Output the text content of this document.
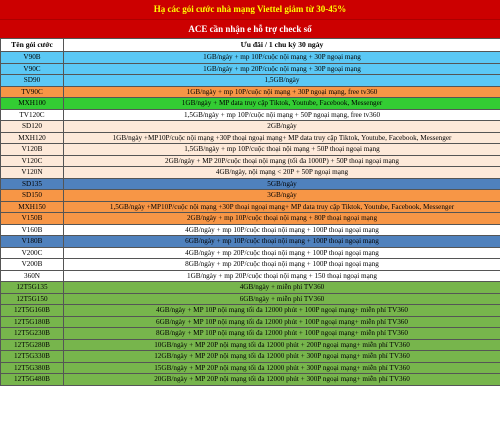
Hạ các gói cước nhà mạng Viettel giảm từ 30-45%
ACE cần nhận e hỗ trợ check số
Tên gói cước	Ưu đãi / 1 chu kỳ 30 ngày
V90B	1GB/ngày + mp 10P/cuộc nội mạng + 30P ngoại mạng
V90C	1GB/ngày + mp 20P/cuộc nội mạng + 30P ngoại mạng
SD90	1,5GB/ngày
TV90C	1GB/ngày + mp 10P/cuộc nội mạng + 30P ngoại mạng, free tv360
MXH100	1GB/ngày + MP data truy cập Tiktok, Youtube, Facebook, Messenger
TV120C	1,5GB/ngày + mp 10P/cuộc nội mạng + 50P ngoại mạng, free tv360
SD120	2GB/ngày
MXH120	1GB/ngày +MP10P/cuộc nội mạng +30P thoại ngoại mạng+ MP data truy cập Tiktok, Youtube, Facebook, Messenger
V120B	1,5GB/ngày + mp 10P/cuộc thoại nội mạng + 50P thoại ngoại mạng
V120C	2GB/ngày + MP 20P/cuộc thoại nội mạng (tối đa 1000P) + 50P thoại ngoại mạng
V120N	4GB/ngày, nội mạng < 20P + 50P ngoại mạng
SD135	5GB/ngày
SD150	3GB/ngày
MXH150	1,5GB/ngày +MP10P/cuộc nội mạng +30P thoại ngoại mạng+ MP data truy cập Tiktok, Youtube, Facebook, Messenger
V150B	2GB/ngày + mp 10P/cuộc thoại nội mạng + 80P thoại ngoại mạng
V160B	4GB/ngày + mp 10P/cuộc thoại nội mạng + 100P thoại ngoại mạng
V180B	6GB/ngày + mp 10P/cuộc thoại nội mạng + 100P thoại ngoại mạng
V200C	4GB/ngày + mp 20P/cuộc thoại nội mạng + 100P thoại ngoại mạng
V200B	8GB/ngày + mp 20P/cuộc thoại nội mạng + 100P thoại ngoại mạng
360N	1GB/ngày + mp 20P/cuộc thoại nội mạng + 150 thoại ngoại mạng
12T5G135	4GB/ngày + miễn phí TV360
12T5G150	6GB/ngày + miễn phí TV360
12T5G160B	4GB/ngày + MP 10P nội mạng tối đa 12000 phút + 100P ngoại mạng+ miễn phí TV360
12T5G180B	6GB/ngày + MP 10P nội mạng tối đa 12000 phút + 100P ngoại mạng+ miễn phí TV360
12T5G230B	8GB/ngày + MP 10P nội mạng tối đa 12000 phút + 100P ngoại mạng+ miễn phí TV360
12T5G280B	10GB/ngày + MP 20P nội mạng tối đa 12000 phút + 200P ngoại mạng+ miễn phí TV360
12T5G330B	12GB/ngày + MP 20P nội mạng tối đa 12000 phút + 300P ngoại mạng+ miễn phí TV360
12T5G380B	15GB/ngày + MP 20P nội mạng tối đa 12000 phút + 300P ngoại mạng+ miễn phí TV360
12T5G480B	20GB/ngày + MP 20P nội mạng tối đa 12000 phút + 300P ngoại mạng+ miễn phí TV360
